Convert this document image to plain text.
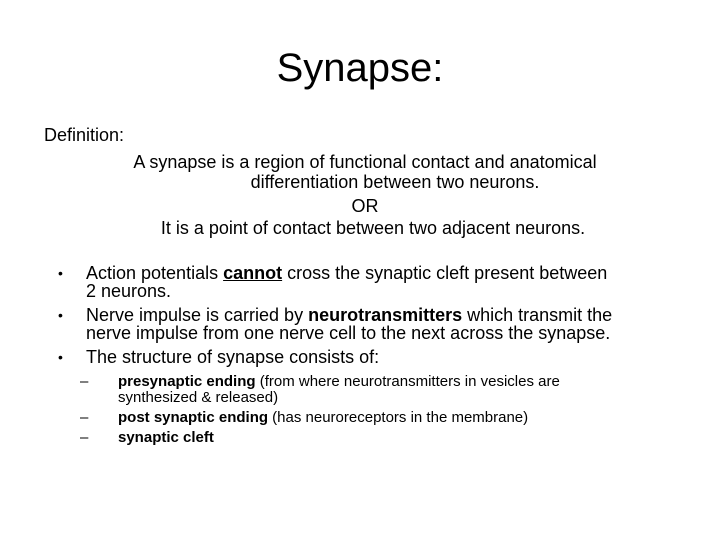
Synapse:
Definition:
A synapse is a region of functional contact and anatomical
differentiation between two neurons.
OR
It is a point of contact between two adjacent neurons.
• Action potentials cannot cross the synaptic cleft present between
2 neurons.
• Nerve impulse is carried by neurotransmitters which transmit the
nerve impulse from one nerve cell to the next across the synapse.
• The structure of synapse consists of:
– presynaptic ending (from where neurotransmitters in vesicles are
synthesized & released)
– post synaptic ending (has neuroreceptors in the membrane)
– synaptic cleft
